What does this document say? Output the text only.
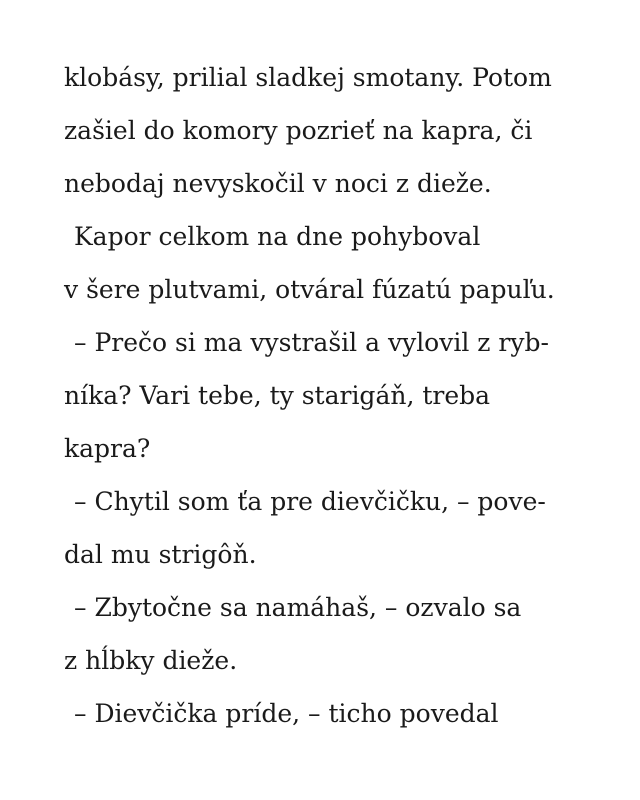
klobásy, prilial sladkej smotany. Potom
zašiel do komory pozrieť na kapra, či
nebodaj nevyskočil v noci z dieže.
Kapor celkom na dne pohyboval
v šere plutvami, otváral fúzatú papuľu.
– Prečo si ma vystrašil a vylovil z ryb-
níka? Vari tebe, ty starigáň, treba
kapra?
– Chytil som ťa pre dievčičku, – pove-
dal mu strigôň.
– Zbytočne sa namáhaš, – ozvalo sa
z hĺbky dieže.
– Dievčička príde, – ticho povedal
